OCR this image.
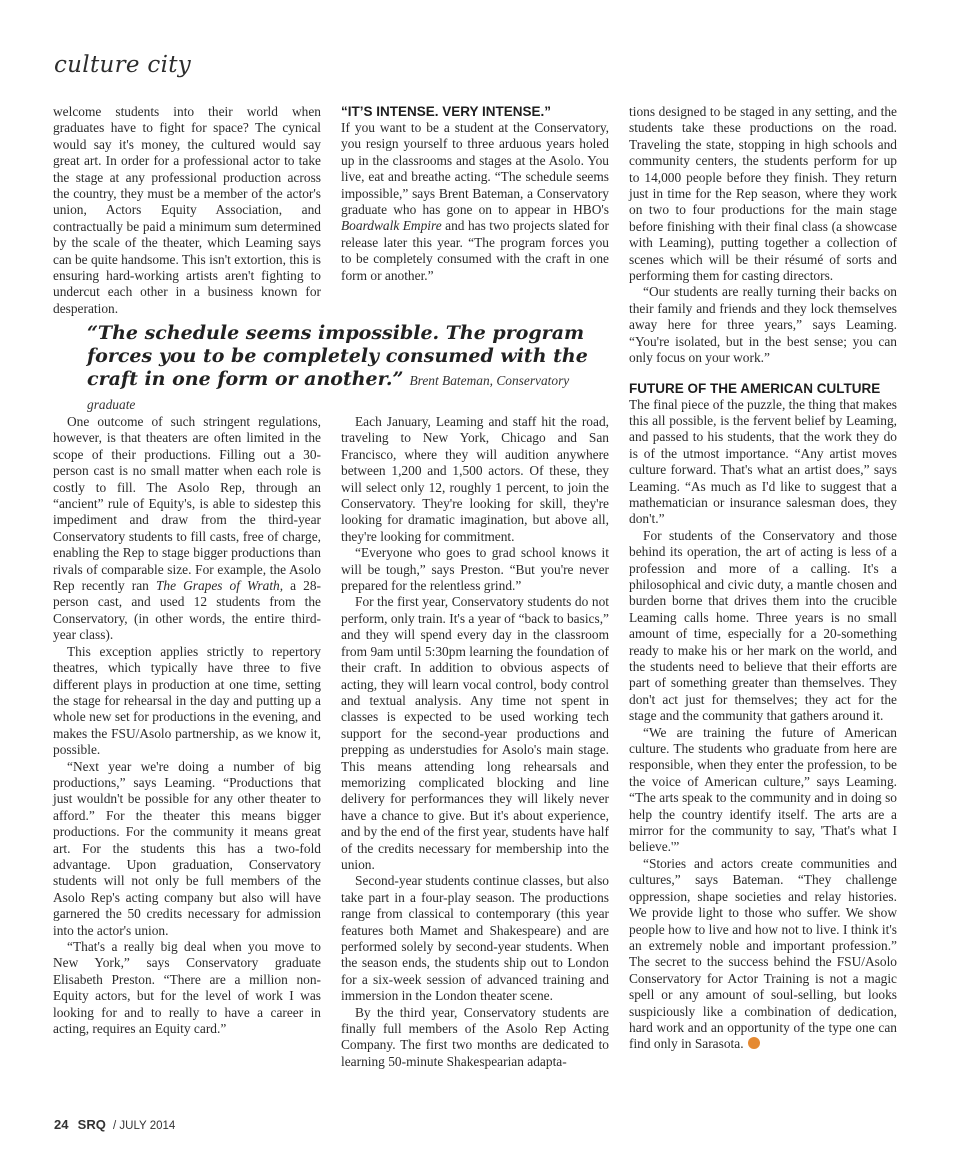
culture city

welcome students into their world when graduates have to fight for space? The cynical would say it's money, the cultured would say great art. In order for a professional actor to take the stage at any professional production across the country, they must be a member of the actor's union, Actors Equity Association, and contractually be paid a minimum sum determined by the scale of the theater, which Leaming says can be quite handsome. This isn't extortion, this is ensuring hard-working artists aren't fighting to undercut each other in a business known for desperation.

“IT’S INTENSE. VERY INTENSE.”

If you want to be a student at the Conservatory, you resign yourself to three arduous years holed up in the classrooms and stages at the Asolo. You live, eat and breathe acting. “The schedule seems impossible,” says Brent Bateman, a Conservatory graduate who has gone on to appear in HBO's Boardwalk Empire and has two projects slated for release later this year. “The program forces you to be completely consumed with the craft in one form or another.”

“The schedule seems impossible. The program forces you to be completely consumed with the craft in one form or another.” Brent Bateman, Conservatory graduate

One outcome of such stringent regulations, however, is that theaters are often limited in the scope of their productions. Filling out a 30-person cast is no small matter when each role is costly to fill. The Asolo Rep, through an “ancient” rule of Equity's, is able to sidestep this impediment and draw from the third-year Conservatory students to fill casts, free of charge, enabling the Rep to stage bigger productions than rivals of comparable size. For example, the Asolo Rep recently ran The Grapes of Wrath, a 28-person cast, and used 12 students from the Conservatory, (in other words, the entire third-year class).

This exception applies strictly to repertory theatres, which typically have three to five different plays in production at one time, setting the stage for rehearsal in the day and putting up a whole new set for productions in the evening, and makes the FSU/Asolo partnership, as we know it, possible.

“Next year we're doing a number of big productions,” says Leaming. “Productions that just wouldn't be possible for any other theater to afford.” For the theater this means bigger productions. For the community it means great art. For the students this has a two-fold advantage. Upon graduation, Conservatory students will not only be full members of the Asolo Rep's acting company but also will have garnered the 50 credits necessary for admission into the actor's union.

“That's a really big deal when you move to New York,” says Conservatory graduate Elisabeth Preston. “There are a million non-Equity actors, but for the level of work I was looking for and to really to have a career in acting, requires an Equity card.”

Each January, Leaming and staff hit the road, traveling to New York, Chicago and San Francisco, where they will audition anywhere between 1,200 and 1,500 actors. Of these, they will select only 12, roughly 1 percent, to join the Conservatory. They're looking for skill, they're looking for dramatic imagination, but above all, they're looking for commitment.

“Everyone who goes to grad school knows it will be tough,” says Preston. “But you're never prepared for the relentless grind.”

For the first year, Conservatory students do not perform, only train. It's a year of “back to basics,” and they will spend every day in the classroom from 9am until 5:30pm learning the foundation of their craft. In addition to obvious aspects of acting, they will learn vocal control, body control and textual analysis. Any time not spent in classes is expected to be used working tech support for the second-year productions and prepping as understudies for Asolo's main stage. This means attending long rehearsals and memorizing complicated blocking and line delivery for performances they will likely never have a chance to give. But it's about experience, and by the end of the first year, students have half of the credits necessary for membership into the union.

Second-year students continue classes, but also take part in a four-play season. The productions range from classical to contemporary (this year features both Mamet and Shakespeare) and are performed solely by second-year students. When the season ends, the students ship out to London for a six-week session of advanced training and immersion in the London theater scene.

By the third year, Conservatory students are finally full members of the Asolo Rep Acting Company. The first two months are dedicated to learning 50-minute Shakespearian adapta-

tions designed to be staged in any setting, and the students take these productions on the road. Traveling the state, stopping in high schools and community centers, the students perform for up to 14,000 people before they finish. They return just in time for the Rep season, where they work on two to four productions for the main stage before finishing with their final class (a showcase with Leaming), putting together a collection of scenes which will be their résumé of sorts and performing them for casting directors.

“Our students are really turning their backs on their family and friends and they lock themselves away here for three years,” says Leaming. “You're isolated, but in the best sense; you can only focus on your work.”

FUTURE OF THE AMERICAN CULTURE

The final piece of the puzzle, the thing that makes this all possible, is the fervent belief by Leaming, and passed to his students, that the work they do is of the utmost importance. “Any artist moves culture forward. That's what an artist does,” says Leaming. “As much as I'd like to suggest that a mathematician or insurance salesman does, they don't.”

For students of the Conservatory and those behind its operation, the art of acting is less of a profession and more of a calling. It's a philosophical and civic duty, a mantle chosen and burden borne that drives them into the crucible Leaming calls home. Three years is no small amount of time, especially for a 20-something ready to make his or her mark on the world, and the students need to believe that their efforts are part of something greater than themselves. They don't act just for themselves; they act for the stage and the community that gathers around it.

“We are training the future of American culture. The students who graduate from here are responsible, when they enter the profession, to be the voice of American culture,” says Leaming. “The arts speak to the community and in doing so help the country identify itself. The arts are a mirror for the community to say, 'That's what I believe.'”

“Stories and actors create communities and cultures,” says Bateman. “They challenge oppression, shape societies and relay histories. We provide light to those who suffer. We show people how to live and how not to live. I think it's an extremely noble and important profession.” The secret to the success behind the FSU/Asolo Conservatory for Actor Training is not a magic spell or any amount of soul-selling, but looks suspiciously like a combination of dedication, hard work and an opportunity of the type one can find only in Sarasota.S

24 SRQ / JULY 2014
